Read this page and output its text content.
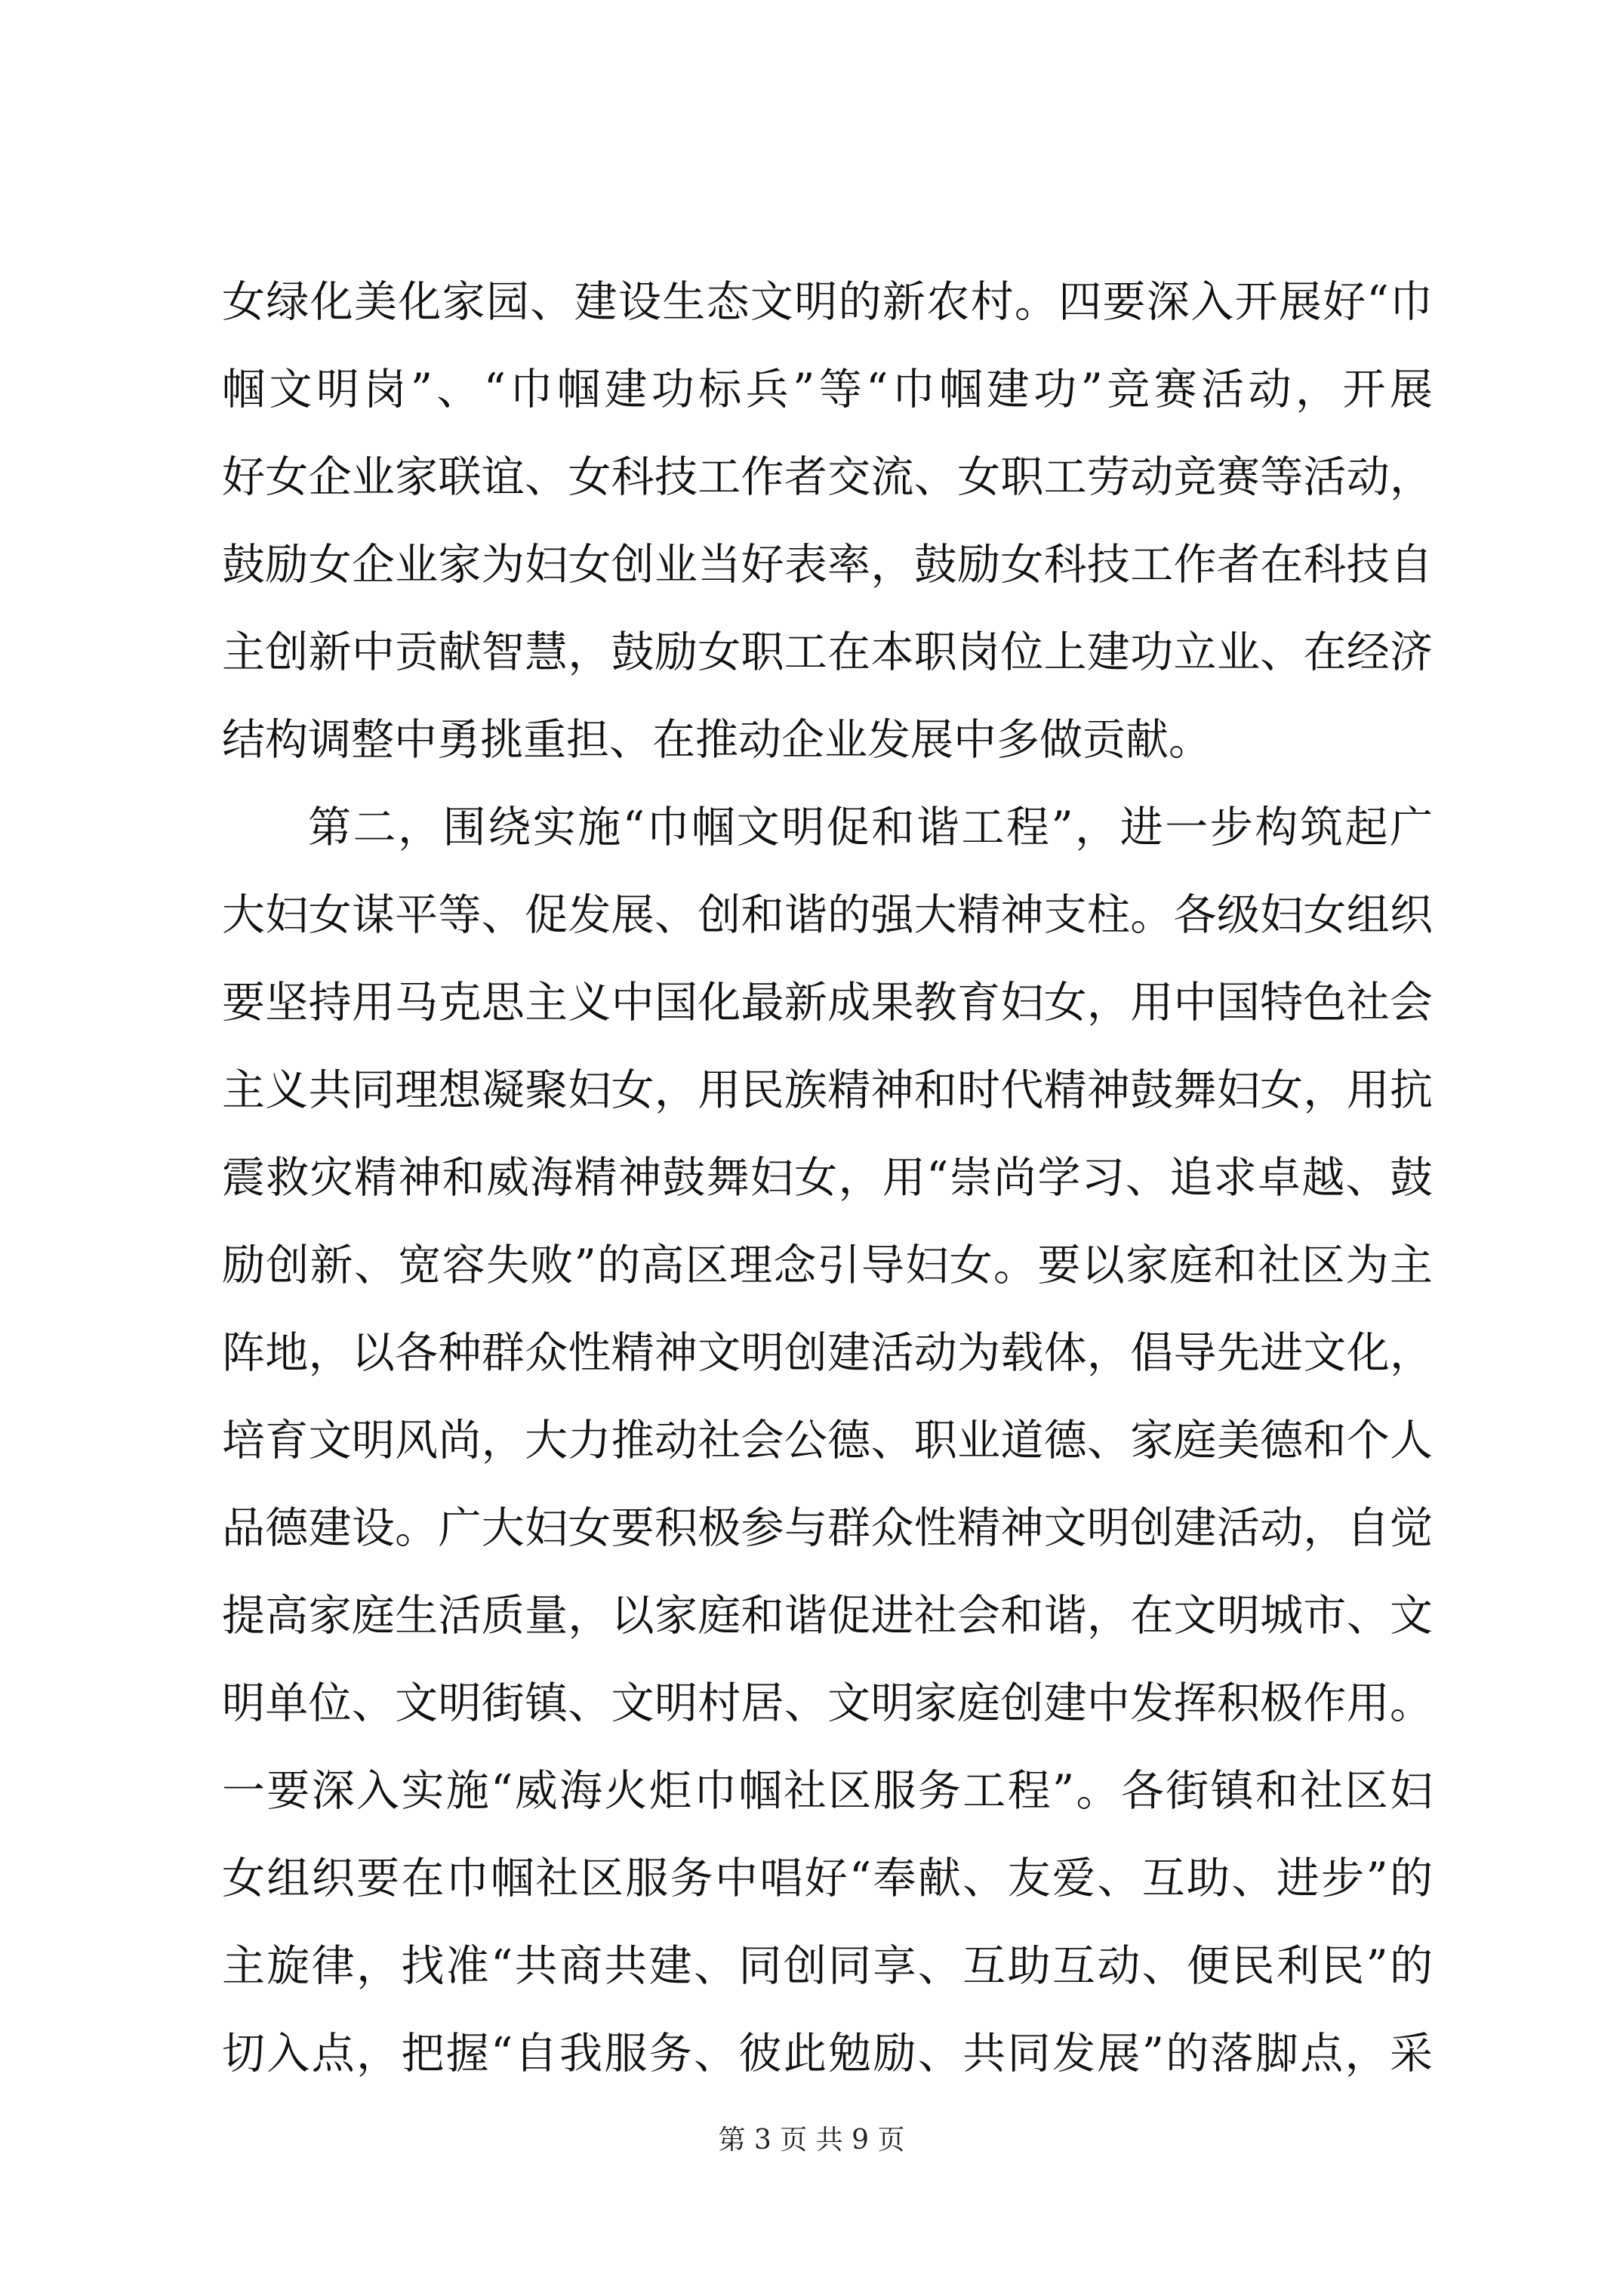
女绿化美化家园、建设生态文明的新农村。四要深入开展好“巾
帼文明岗”、“巾帼建功标兵”等“巾帼建功”竞赛活动，开展
好女企业家联谊、女科技工作者交流、女职工劳动竞赛等活动，
鼓励女企业家为妇女创业当好表率，鼓励女科技工作者在科技自
主创新中贡献智慧，鼓励女职工在本职岗位上建功立业、在经济
结构调整中勇挑重担、在推动企业发展中多做贡献。
第二，围绕实施“巾帼文明促和谐工程”，进一步构筑起广
大妇女谋平等、促发展、创和谐的强大精神支柱。各级妇女组织
要坚持用马克思主义中国化最新成果教育妇女，用中国特色社会
主义共同理想凝聚妇女，用民族精神和时代精神鼓舞妇女，用抗
震救灾精神和威海精神鼓舞妇女，用“崇尚学习、追求卓越、鼓
励创新、宽容失败”的高区理念引导妇女。要以家庭和社区为主
阵地，以各种群众性精神文明创建活动为载体，倡导先进文化，
培育文明风尚，大力推动社会公德、职业道德、家庭美德和个人
品德建设。广大妇女要积极参与群众性精神文明创建活动，自觉
提高家庭生活质量，以家庭和谐促进社会和谐，在文明城市、文
明单位、文明街镇、文明村居、文明家庭创建中发挥积极作用。
一要深入实施“威海火炬巾帼社区服务工程”。各街镇和社区妇
女组织要在巾帼社区服务中唱好“奉献、友爱、互助、进步”的
主旋律，找准“共商共建、同创同享、互助互动、便民利民”的
切入点，把握“自我服务、彼此勉励、共同发展”的落脚点，采
第 3 页 共 9 页
